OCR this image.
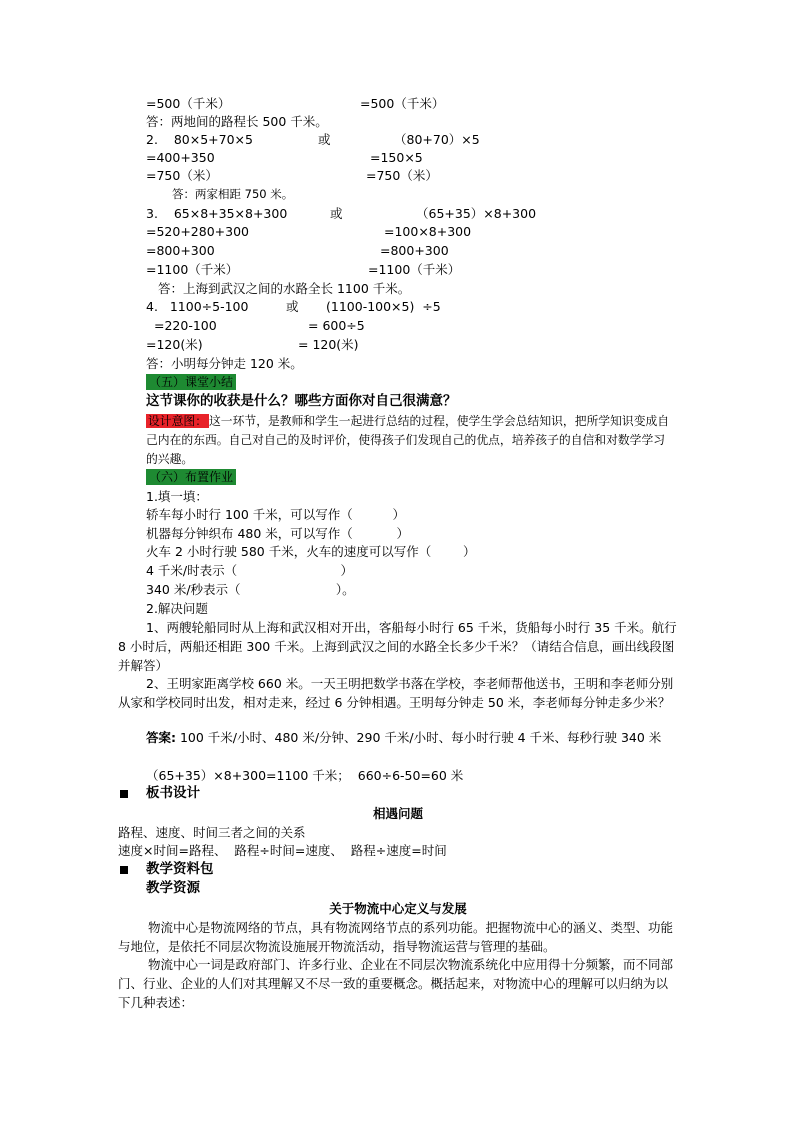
=500（千米）	=500（千米）
答：两地间的路程长 500 千米。
2.    80×5+70×5	或	（80+70）×5
=400+350	=150×5
=750（米）	=750（米）
答：两家相距 750 米。
3.    65×8+35×8+300	或	（65+35）×8+300
=520+280+300	=100×8+300
=800+300	=800+300
=1100（千米）	=1100（千米）
答：上海到武汉之间的水路全长 1100 千米。
4.   1100÷5-100	或 (1100-100×5)  ÷5
=220-100	= 600÷5
=120(米)	= 120(米)
答：小明每分钟走 120 米。
（五）课堂小结
这节课你的收获是什么？哪些方面你对自己很满意？
设计意图： 这一环节，是教师和学生一起进行总结的过程，使学生学会总结知识，把所学知识变成自己内在的东西。自己对自己的及时评价，使得孩子们发现自己的优点，培养孩子的自信和对数学学习的兴趣。
（六）布置作业
1.填一填：
轿车每小时行 100 千米，可以写作（          ）
机器每分钟织布 480 米，可以写作（           ）
火车 2 小时行驶 580 千米，火车的速度可以写作（        ）
4 千米/时表示（                          ）
340 米/秒表示（                        ）。
2.解决问题
1、两艘轮船同时从上海和武汉相对开出，客船每小时行 65 千米，货船每小时行 35 千米。航行 8 小时后，两船还相距 300 千米。上海到武汉之间的水路全长多少千米？（请结合信息，画出线段图并解答）
2、王明家距离学校 660 米。一天王明把数学书落在学校，李老师帮他送书，王明和李老师分别从家和学校同时出发，相对走来，经过 6 分钟相遇。王明每分钟走 50 米，李老师每分钟走多少米？
答案: 100 千米/小时、480 米/分钟、290 千米/小时、每小时行驶 4 千米、每秒行驶 340 米
（65+35）×8+300=1100 千米；  660÷6-50=60 米
板书设计
相遇问题
路程、速度、时间三者之间的关系
速度×时间=路程、  路程÷时间=速度、  路程÷速度=时间
教学资料包
教学资源
关于物流中心定义与发展
物流中心是物流网络的节点，具有物流网络节点的系列功能。把握物流中心的涵义、类型、功能与地位，是依托不同层次物流设施展开物流活动，指导物流运营与管理的基础。
物流中心一词是政府部门、许多行业、企业在不同层次物流系统化中应用得十分频繁，而不同部门、行业、企业的人们对其理解又不尽一致的重要概念。概括起来，对物流中心的理解可以归纳为以下几种表述：
